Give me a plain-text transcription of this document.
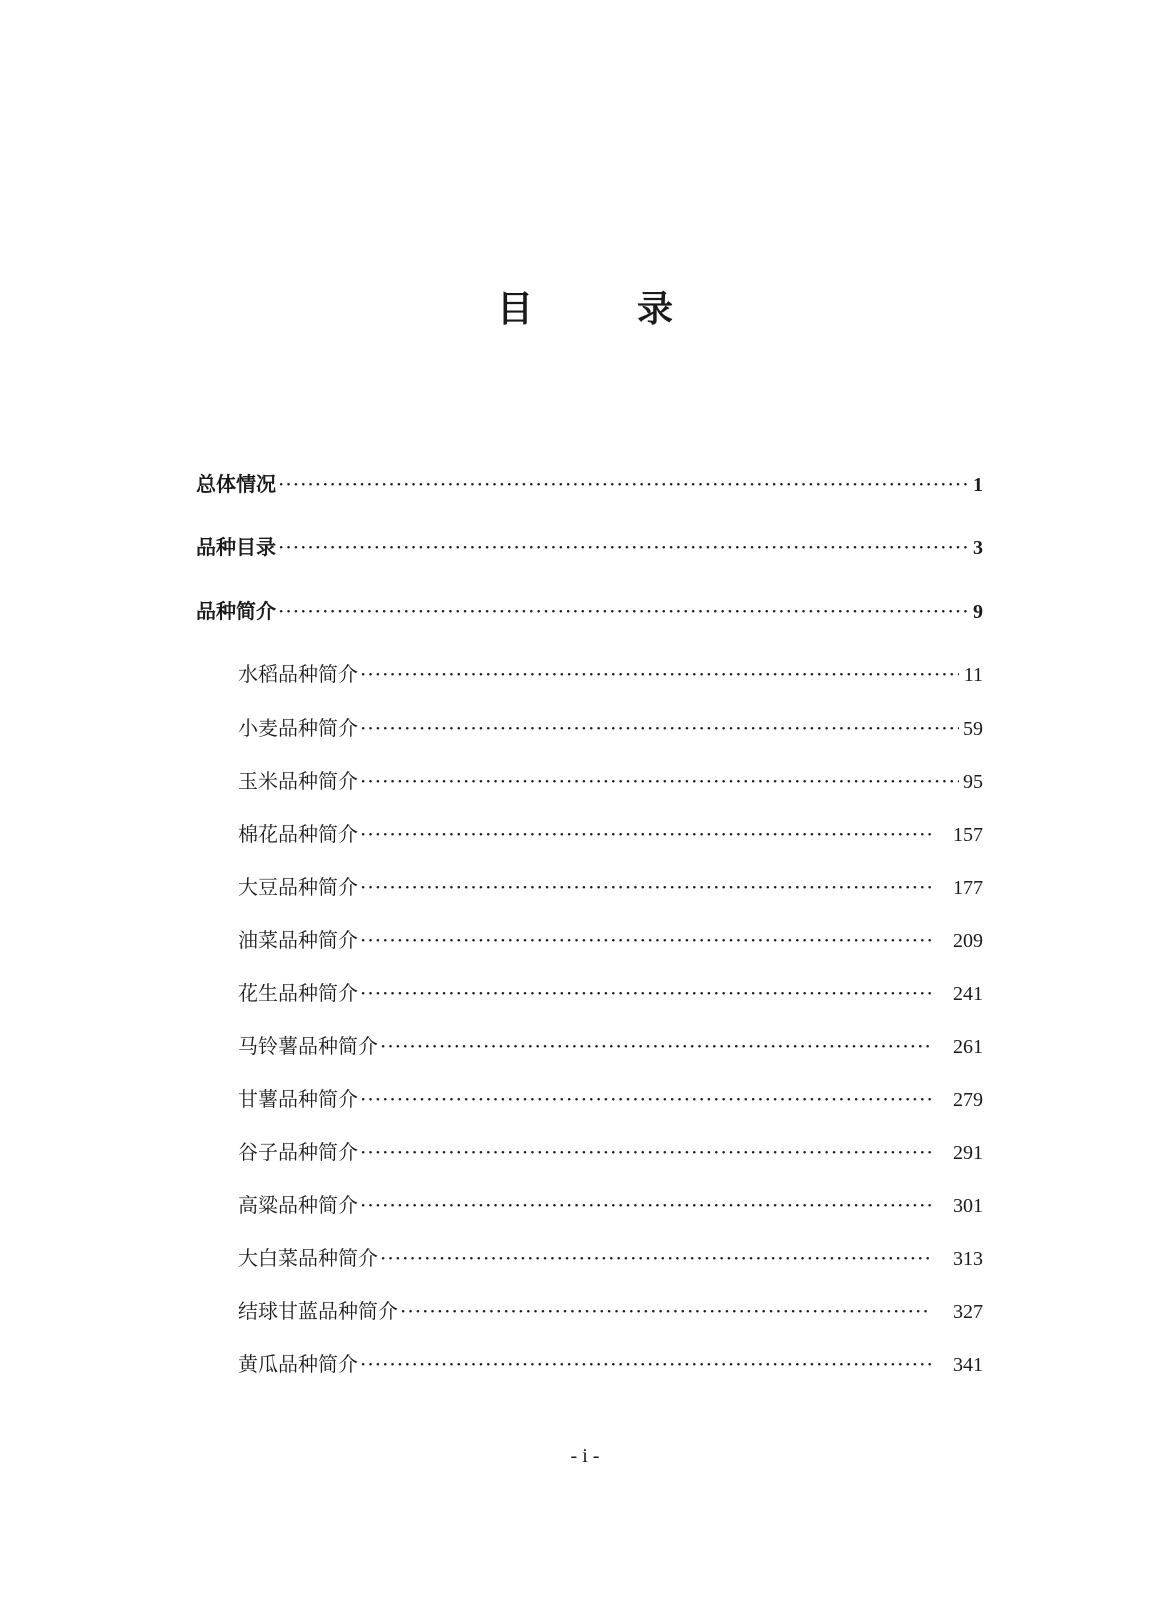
目　录
总体情况 ·····	1
品种目录 ·····	3
品种简介 ·····	9
水稻品种简介 ·····	11
小麦品种简介 ·····	59
玉米品种简介 ·····	95
棉花品种简介 ·····	157
大豆品种简介 ·····	177
油菜品种简介 ·····	209
花生品种简介 ·····	241
马铃薯品种简介 ·····	261
甘薯品种简介 ·····	279
谷子品种简介 ·····	291
高粱品种简介 ·····	301
大白菜品种简介 ·····	313
结球甘蓝品种简介 ·····	327
黄瓜品种简介 ·····	341
- i -
